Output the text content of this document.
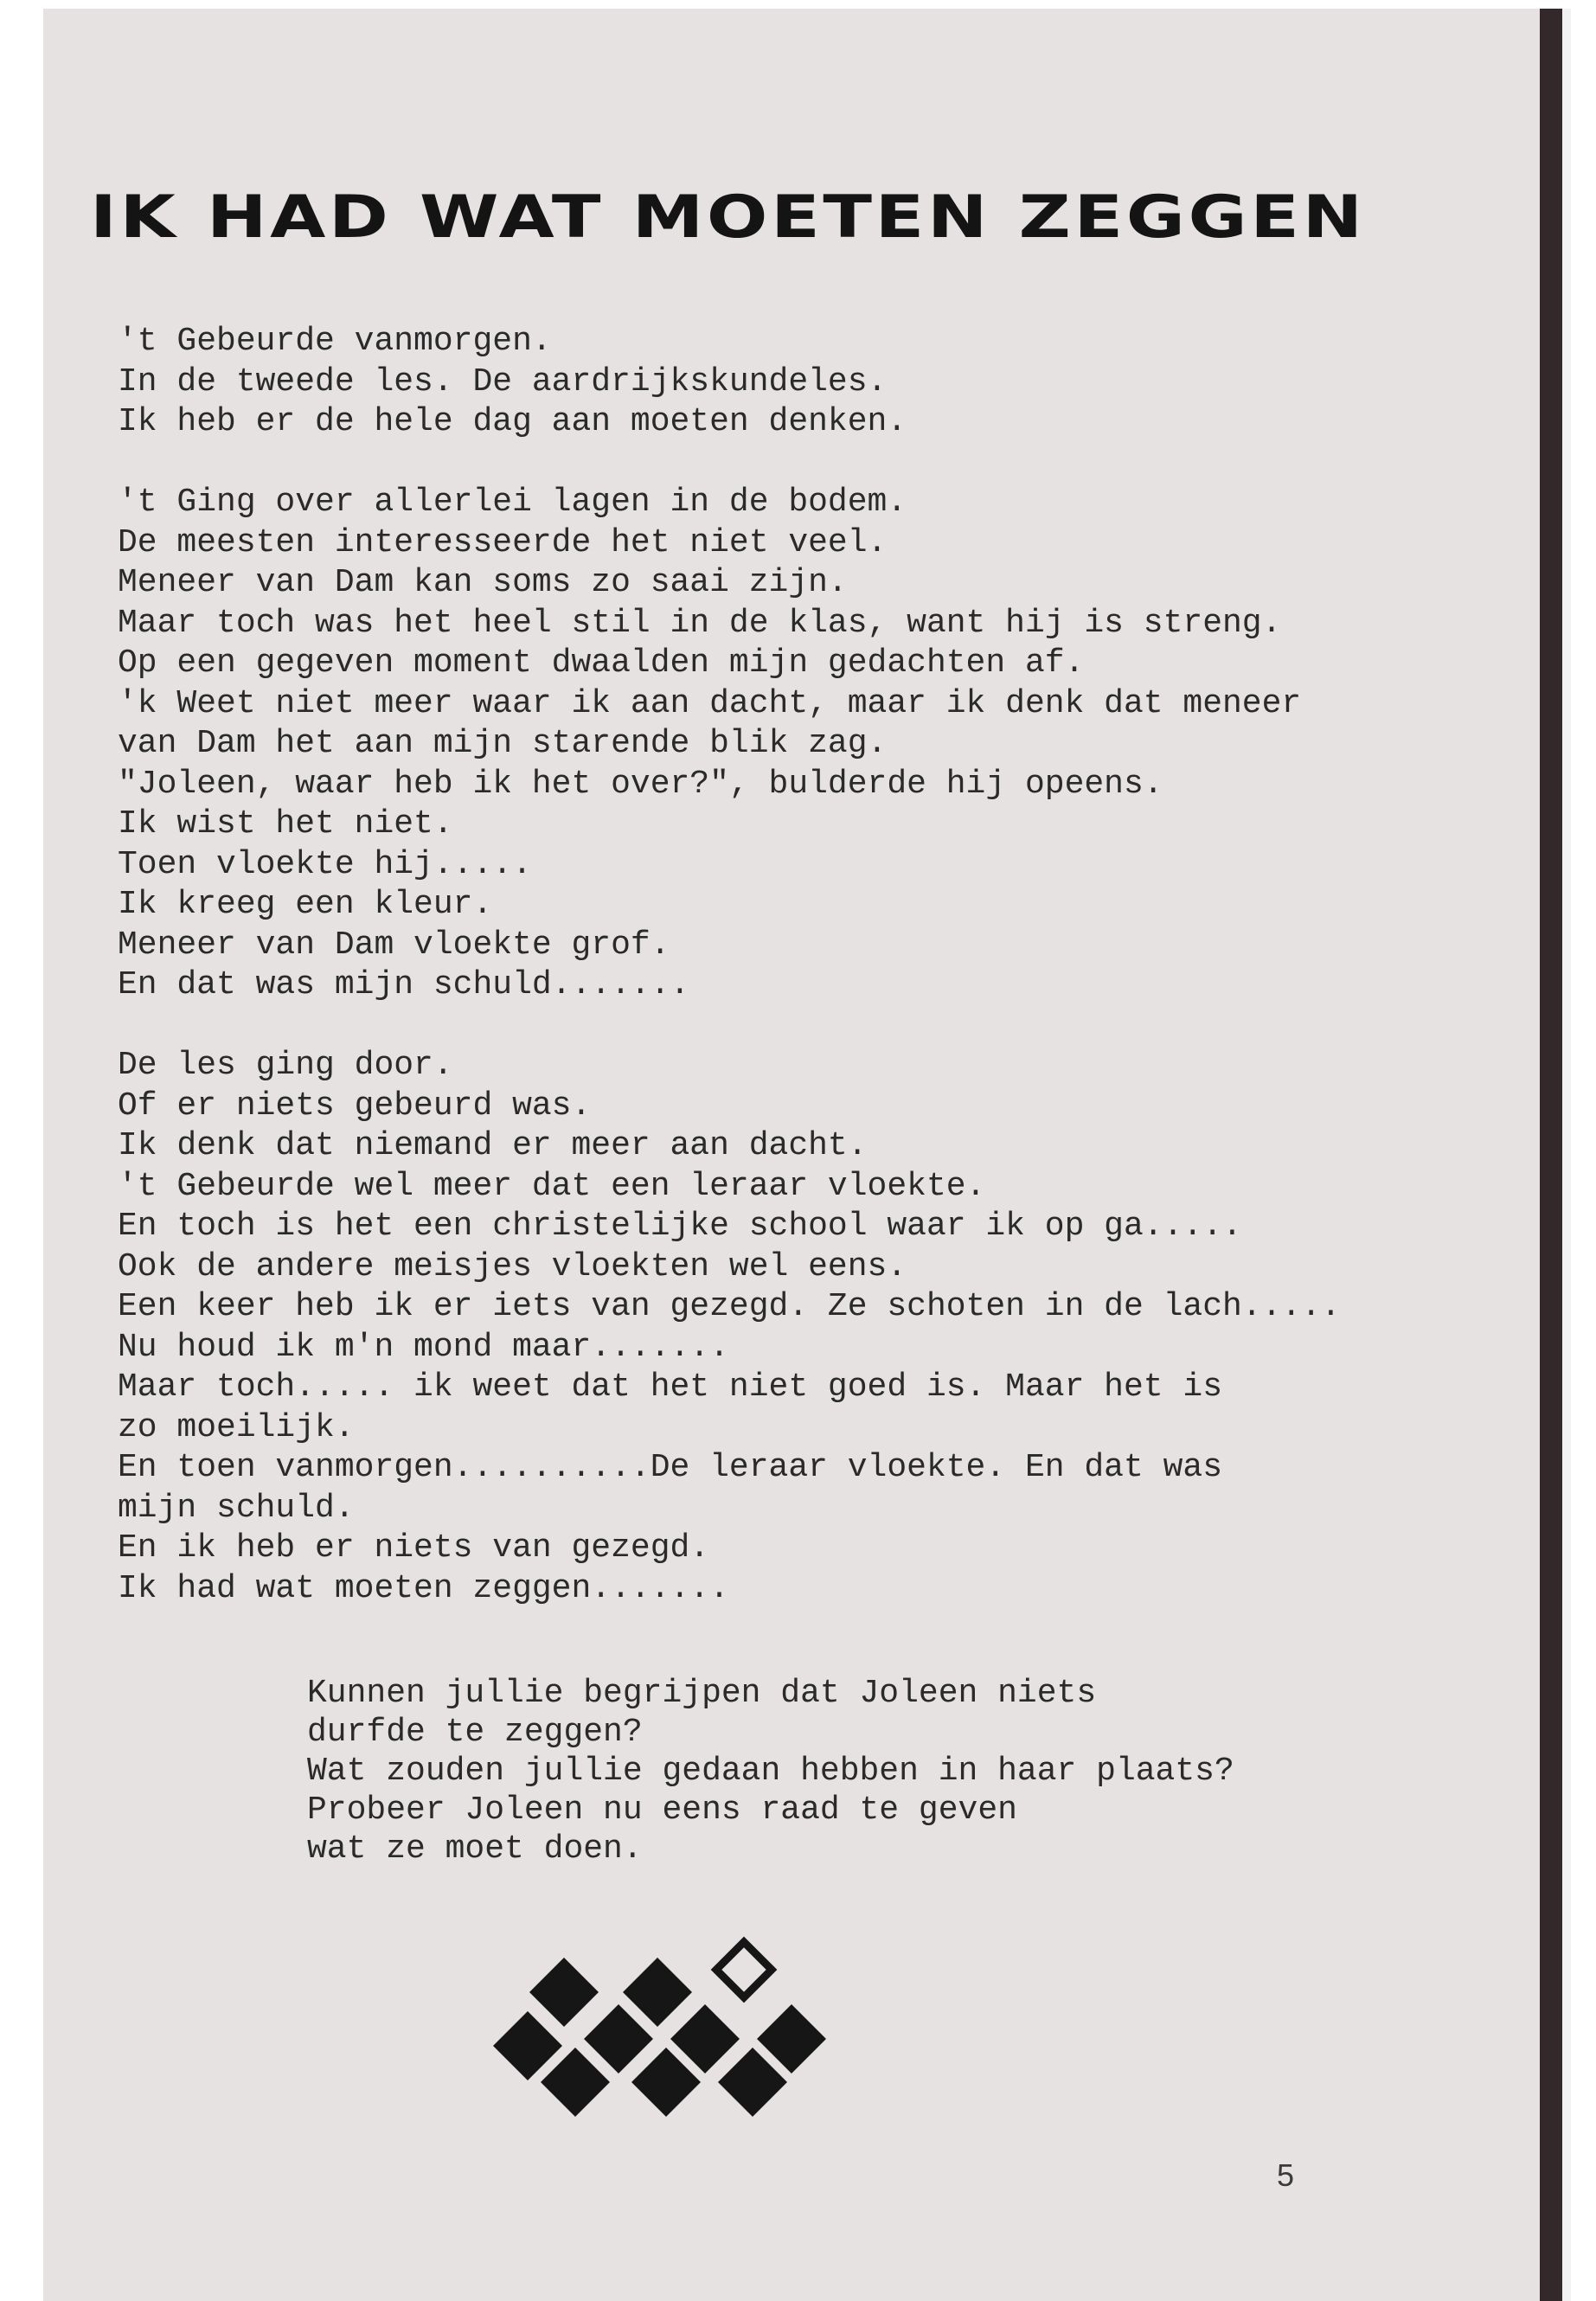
IK HAD WAT MOETEN ZEGGEN
't Gebeurde vanmorgen.
In de tweede les. De aardrijkskundeles.
Ik heb er de hele dag aan moeten denken.
't Ging over allerlei lagen in de bodem.
De meesten interesseerde het niet veel.
Meneer van Dam kan soms zo saai zijn.
Maar toch was het heel stil in de klas, want hij is streng.
Op een gegeven moment dwaalden mijn gedachten af.
'k Weet niet meer waar ik aan dacht, maar ik denk dat meneer
van Dam het aan mijn starende blik zag.
"Joleen, waar heb ik het over?", bulderde hij opeens.
Ik wist het niet.
Toen vloekte hij.....
Ik kreeg een kleur.
Meneer van Dam vloekte grof.
En dat was mijn schuld.......
De les ging door.
Of er niets gebeurd was.
Ik denk dat niemand er meer aan dacht.
't Gebeurde wel meer dat een leraar vloekte.
En toch is het een christelijke school waar ik op ga.....
Ook de andere meisjes vloekten wel eens.
Een keer heb ik er iets van gezegd. Ze schoten in de lach.....
Nu houd ik m'n mond maar.......
Maar toch..... ik weet dat het niet goed is. Maar het is
zo moeilijk.
En toen vanmorgen..........De leraar vloekte. En dat was
mijn schuld.
En ik heb er niets van gezegd.
Ik had wat moeten zeggen.......
Kunnen jullie begrijpen dat Joleen niets
durfde te zeggen?
Wat zouden jullie gedaan hebben in haar plaats?
Probeer Joleen nu eens raad te geven
wat ze moet doen.
5
